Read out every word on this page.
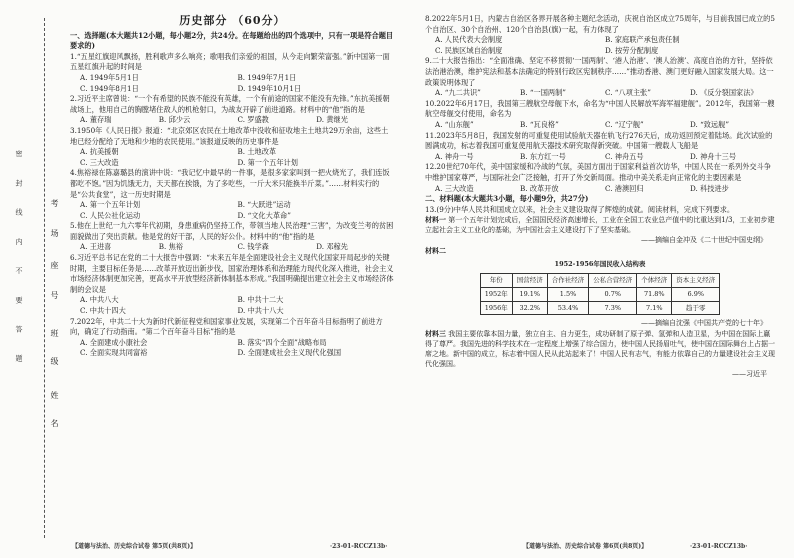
密 封 线 内 不 要 答 题	考
场
座
号
班
级
姓
名
历史部分 （60分）
一、选择题(本大题共12小题，每小题2分，共24分。在每题给出的四个选项中，只有一项是符合题目要求的)
1.“五星红旗迎风飘扬，胜利歌声多么响亮；歌唱我们亲爱的祖国，从今走向繁荣富强。”新中国第一面五星红旗升起的时间是
A. 1949年5月1日	B. 1949年7月1日
C. 1949年8月1日	D. 1949年10月1日
2.习近平主席曾说：“一个有希望的民族不能没有英雄，一个有前途的国家不能没有先锋。”东抗美援朝战场上，他用自己的胸膛堵住敌人的机枪射口，为战友开辟了前进道路。材料中的“他”指的是
A. 董存瑞	B. 邱少云	C. 罗盛教	D. 黄继光
3.1950年《人民日报》报道：“北京郊区农民在土地改革中没收和征收地主土地共29万余亩，这些土地已经分配给了无地和少地的农民使用。”该报道反映的历史事件是
A. 抗美援朝	B. 土地改革
C. 三大改造	D. 第一个五年计划
4.焦裕禄在陈嘉璐县的演讲中说：“我记忆中最早的一件事，是很多家家叫到一把火烧光了，我们连饭都吃不饱。”因为饥饿无力，天天都在挨饿，为了多吃些，一斤大米只能换半斤菜。”……材料实行的是“公共食堂”，这一历史时期是
A. 第一个五年计划	B. “大跃进”运动
C. 人民公社化运动	D. “文化大革命”
5.他在上世纪一九六零年代初期，身患重病仍坚持工作，带领当地人民治理“三害”，为改变兰考的贫困面貌做出了突出贡献。他是党的好干部，人民的好公仆。材料中的“他”指的是
A. 王进喜	B. 焦裕	C. 钱学森	D. 邓稼先
6.习近平总书记在党的二十大报告中强调：“未来五年是全面建设社会主义现代化国家开局起步的关键时期，主要目标任务是……改革开放迈出新步伐，国家治理体系和治理能力现代化深入推进，社会主义市场经济体制更加完善，更高水平开放型经济新体制基本形成。”我国明确提出建立社会主义市场经济体制的会议是
A. 中共八大	B. 中共十二大
C. 中共十四大	D. 中共十八大
7.2022年，中共二十大为新时代新征程党和国家事业发展，实现第二个百年奋斗目标指明了前进方向，确定了行动指南。“第二个百年奋斗目标”指的是
A. 全面建成小康社会	B. 落实“四个全面”战略布局
C. 全面实现共同富裕	D. 全面建成社会主义现代化强国
8.2022年5月1日，内蒙古自治区各界开展各种主题纪念活动，庆祝自治区成立75周年，与目前我国已成立的5个自治区、30个自治州、120个自治县(旗)一起，有力体现了
A. 人民代表大会制度	B. 家庭联产承包责任制
C. 民族区域自治制度	D. 按劳分配制度
9.二十大报告指出：“全面准确、坚定不移贯彻‘一国两制’、‘港人治港’、‘澳人治澳’、高度自治的方针，坚持依法治港治澳，维护宪法和基本法确定的特别行政区宪制秩序……”推动香港、澳门更好融入国家发展大局。这一政策说明体现了
A. “九二共识”	B. “一国两制”	C. “八项主张”	D. 《反分裂国家法》
10.2022年6月17日，我国第三艘航空母舰下水，命名为“中国人民解放军海军福建舰”。2012年，我国第一艘航空母舰交付使用，命名为
A. “山东舰”	B. “瓦良格”	C. “辽宁舰”	D. “致远舰”
11.2023年5月8日，我国发射的可重复使用试验航天器在轨飞行276天后，成功返回预定着陆场。此次试验的圆满成功，标志着我国可重复使用航天器技术研究取得新突破。中国第一艘载人飞船是
A. 神舟一号	B. 东方红一号	C. 神舟五号	D. 神舟十三号
12.20世纪70年代，美中国家缓和冷战的气氛，美国方面出于国家利益首次访华，中国人民在一系列外交斗争中维护国家尊严，与国际社会广泛接触，打开了外交新局面。推动中美关系走向正常化的主要因素是
A. 三大改造	B. 改革开放	C. 港澳回归	D. 科技进步
二、材料题(本大题共3小题，每小题9分，共27分)
13.(9分)中华人民共和国成立以来，社会主义建设取得了辉煌的成就。阅读材料，完成下列要求。
材料一 第一个五年计划完成后，全国国民经济高速增长，工业在全国工农业总产值中的比重达到1/3，工业初步建立起社会主义工业化的基础，为中国社会主义建设打下了坚实基础。
——摘编自金冲及《二十世纪中国史纲》
材料二
1952-1956年国民收入结构表
年份	国营经济	合作社经济	公私合营经济	个体经济	资本主义经济
1952年	19.1%	1.5%	0.7%	71.8%	6.9%
1956年	32.2%	53.4%	7.3%	7.1%	趋于零
——摘编自沈强《中国共产党的七十年》
材料三 我国主要依靠本国力量，独立自主、自力更生，成功研制了原子弹、氢弹和人造卫星，为中国在国际上赢得了尊严。我国先进的科学技术在一定程度上增强了综合国力，使中国人民扬眉吐气，使中国在国际舞台上占据一席之地。新中国的成立，标志着中国人民从此站起来了！中国人民有志气，有能力依靠自己的力量建设社会主义现代化强国。
——习近平
【道德与法治、历史综合试卷 第5页(共8页)】	·23-01-RCCZ13b·	【道德与法治、历史综合试卷 第6页(共8页)】	·23-01-RCCZ13b·
